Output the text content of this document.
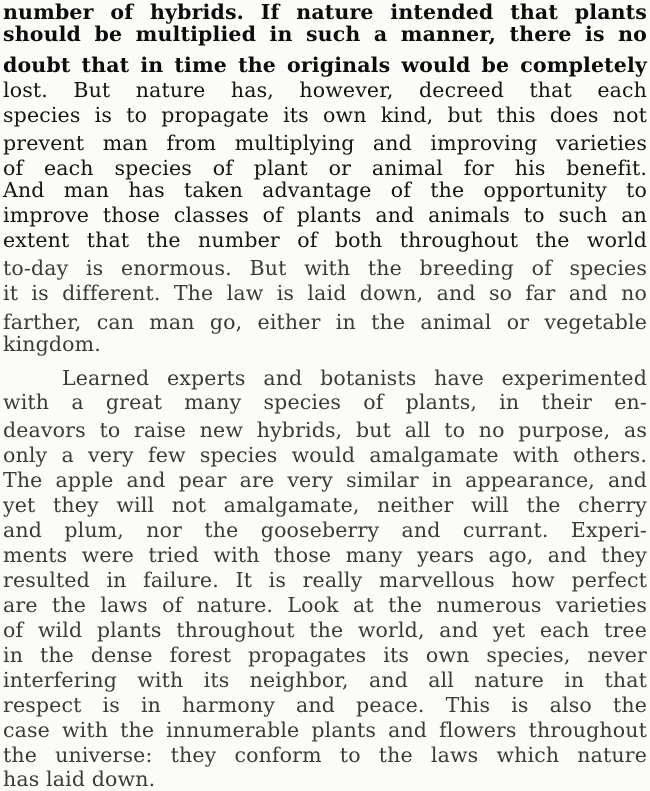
number of hybrids. If nature intended that plants
should be multiplied in such a manner, there is no
doubt that in time the originals would be completely
lost. But nature has, however, decreed that each
species is to propagate its own kind, but this does not
prevent man from multiplying and improving varieties
of each species of plant or animal for his benefit.
And man has taken advantage of the opportunity to
improve those classes of plants and animals to such an
extent that the number of both throughout the world
to-day is enormous. But with the breeding of species
it is different. The law is laid down, and so far and no
farther, can man go, either in the animal or vegetable
kingdom.
Learned experts and botanists have experimented
with a great many species of plants, in their en-
deavors to raise new hybrids, but all to no purpose, as
only a very few species would amalgamate with others.
The apple and pear are very similar in appearance, and
yet they will not amalgamate, neither will the cherry
and plum, nor the gooseberry and currant. Experi-
ments were tried with those many years ago, and they
resulted in failure. It is really marvellous how perfect
are the laws of nature. Look at the numerous varieties
of wild plants throughout the world, and yet each tree
in the dense forest propagates its own species, never
interfering with its neighbor, and all nature in that
respect is in harmony and peace. This is also the
case with the innumerable plants and flowers throughout
the universe: they conform to the laws which nature
has laid down.
